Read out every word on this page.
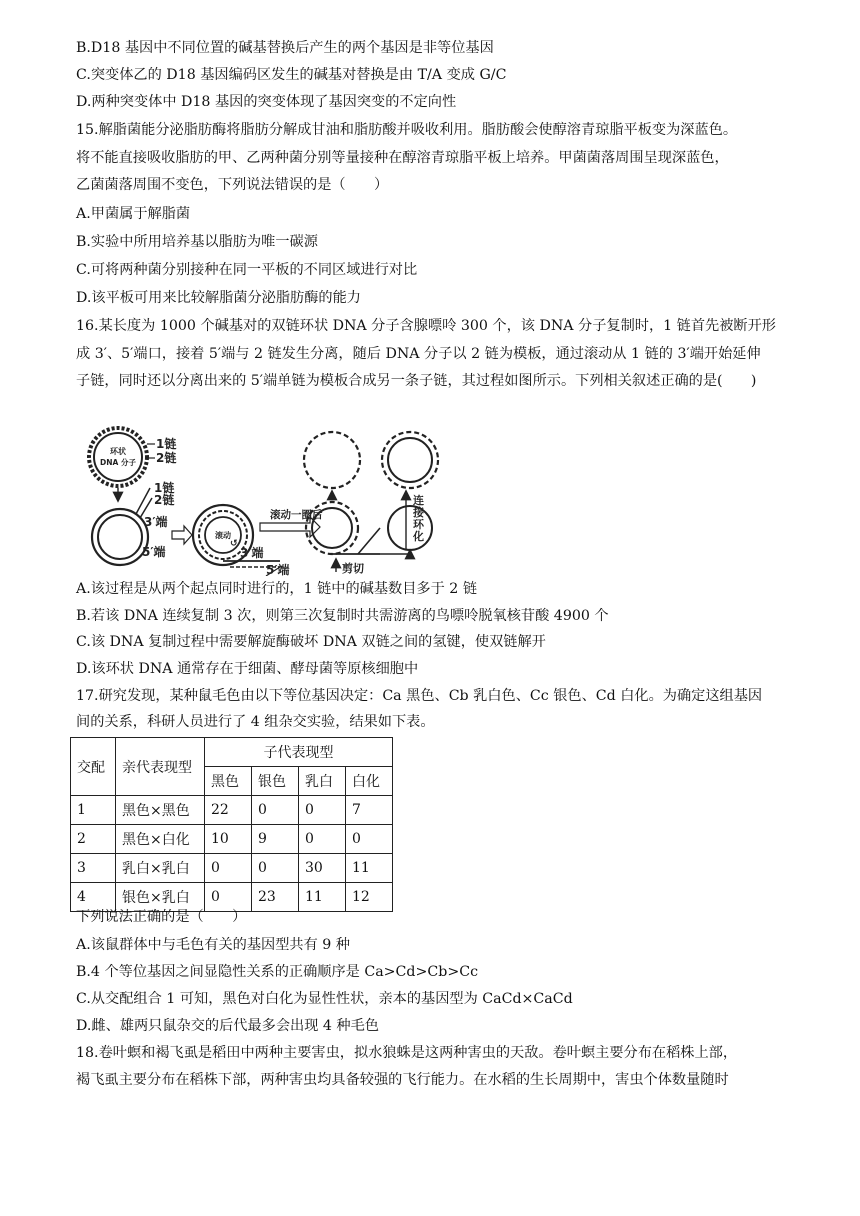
B.D18 基因中不同位置的碱基替换后产生的两个基因是非等位基因
C.突变体乙的 D18 基因编码区发生的碱基对替换是由 T/A 变成 G/C
D.两种突变体中 D18 基因的突变体现了基因突变的不定向性
15.解脂菌能分泌脂肪酶将脂肪分解成甘油和脂肪酸并吸收利用。脂肪酸会使醇溶青琼脂平板变为深蓝色。
将不能直接吸收脂肪的甲、乙两种菌分别等量接种在醇溶青琼脂平板上培养。甲菌菌落周围呈现深蓝色，
乙菌菌落周围不变色，下列说法错误的是（　　）
A.甲菌属于解脂菌
B.实验中所用培养基以脂肪为唯一碳源
C.可将两种菌分别接种在同一平板的不同区域进行对比
D.该平板可用来比较解脂菌分泌脂肪酶的能力
16.某长度为 1000 个碱基对的双链环状 DNA 分子含腺嘌呤 300 个，该 DNA 分子复制时，1 链首先被断开形
成 3′、5′端口，接着 5′端与 2 链发生分离，随后 DNA 分子以 2 链为模板，通过滚动从 1 链的 3′端开始延伸
子链，同时还以分离出来的 5′端单链为模板合成另一条子链，其过程如图所示。下列相关叙述正确的是(　　)
环状
DNA 分子
1链
2链
1链
2链
3′端
5′端
滚动
↺
3′端
5′端
滚动一圈后
剪切
连
接
环
化
A.该过程是从两个起点同时进行的，1 链中的碱基数目多于 2 链
B.若该 DNA 连续复制 3 次，则第三次复制时共需游离的鸟嘌呤脱氧核苷酸 4900 个
C.该 DNA 复制过程中需要解旋酶破坏 DNA 双链之间的氢键，使双链解开
D.该环状 DNA 通常存在于细菌、酵母菌等原核细胞中
17.研究发现，某种鼠毛色由以下等位基因决定：Ca 黑色、Cb 乳白色、Cc 银色、Cd 白化。为确定这组基因
间的关系，科研人员进行了 4 组杂交实验，结果如下表。
交配	亲代表现型	子代表现型			
		黑色	银色	乳白	白化
1	黑色×黑色	22	0	0	7
2	黑色×白化	10	9	0	0
3	乳白×乳白	0	0	30	11
4	银色×乳白	0	23	11	12
下列说法正确的是（　　）
A.该鼠群体中与毛色有关的基因型共有 9 种
B.4 个等位基因之间显隐性关系的正确顺序是 Ca>Cd>Cb>Cc
C.从交配组合 1 可知，黑色对白化为显性性状，亲本的基因型为 CaCd×CaCd
D.雌、雄两只鼠杂交的后代最多会出现 4 种毛色
18.卷叶螟和褐飞虱是稻田中两种主要害虫，拟水狼蛛是这两种害虫的天敌。卷叶螟主要分布在稻株上部，
褐飞虱主要分布在稻株下部，两种害虫均具备较强的飞行能力。在水稻的生长周期中，害虫个体数量随时
